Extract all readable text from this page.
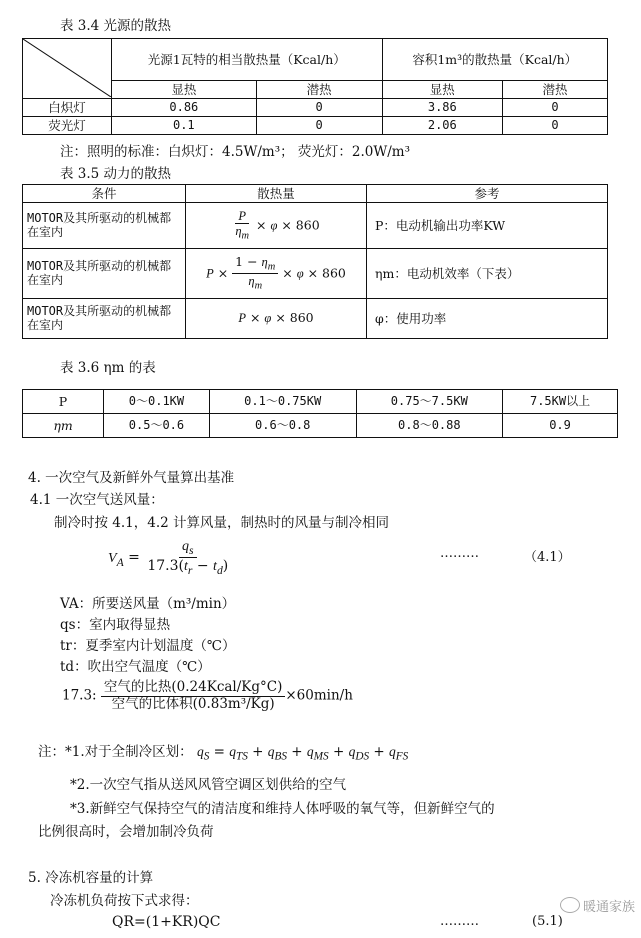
表 3.4 光源的散热
	光源1瓦特的相当散热量（Kcal/h）		容积1m³的散热量（Kcal/h）	
	显热	潜热	显热	潜热
白炽灯	0.86	0	3.86	0
荧光灯	0.1	0	2.06	0
注：照明的标准：白炽灯：4.5W/m³； 荧光灯：2.0W/m³
表 3.5 动力的散热
条件	散热量	参考
MOTOR及其所驱动的机械都在室内	$\frac{P}{\eta_m} \times \varphi \times 860$	P：电动机输出功率KW
MOTOR及其所驱动的机械都在室内	$P \times \frac{1 - \eta_m}{\eta_m} \times \varphi \times 860$	ηm：电动机效率（下表）
MOTOR及其所驱动的机械都在室内	P × φ × 860	φ：使用功率
表 3.6 ηm 的表
P	0～0.1KW	0.1～0.75KW	0.75～7.5KW	7.5KW以上
ηm	0.5～0.6	0.6～0.8	0.8～0.88	0.9
4. 一次空气及新鲜外气量算出基准
4.1 一次空气送风量：
制冷时按 4.1，4.2 计算风量，制热时的风量与制冷相同
$V_A = \frac{q_s}{17.3(t_r - t_d)}$	………	（4.1）
VA：所要送风量（m³/min）
qs：室内取得显热
tr：夏季室内计划温度（℃）
td：吹出空气温度（℃）
17.3: $\frac{\text{空气的比热(0.24Kcal/Kg°C)}}{\text{空气的比体积(0.83m³/Kg)}} \times 60\min/h$
注：*1.对于全制冷区划： $q_S = q_{TS} + q_{BS} + q_{MS} + q_{DS} + q_{FS}$
*2.一次空气指从送风风管空调区划供给的空气
*3.新鲜空气保持空气的清洁度和维持人体呼吸的氧气等，但新鲜空气的
比例很高时，会增加制冷负荷
5. 冷冻机容量的计算
冷冻机负荷按下式求得：
QR=(1+KR)QC	………	(5.1)
暖通家族
